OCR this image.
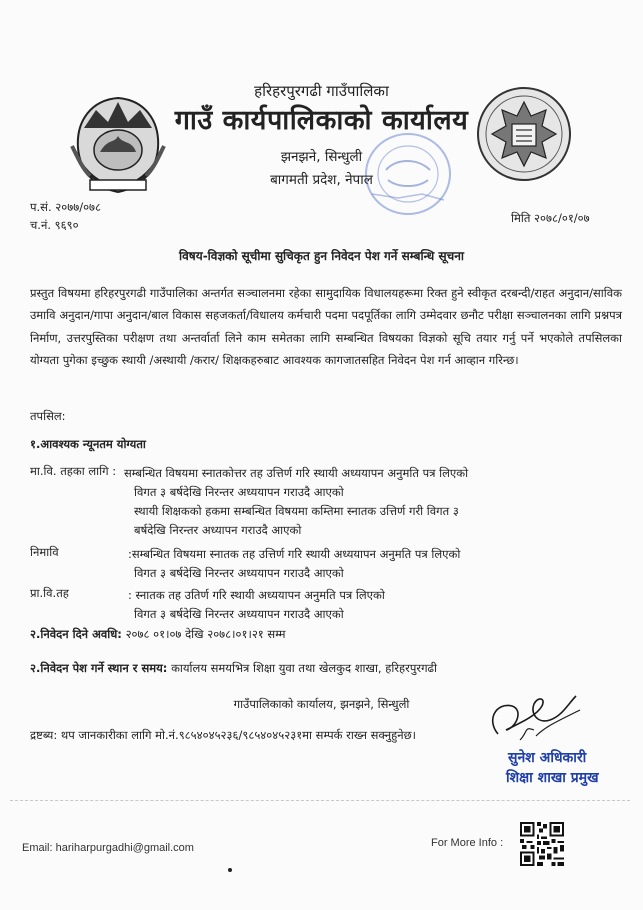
हरिहरपुरगढी गाउँपालिका
गाउँ कार्यपालिकाको कार्यालय
झनझने, सिन्धुली
बागमती प्रदेश, नेपाल
प.सं. २०७७/०७८
च.नं. ९६९०	मिति २०७८/०१/०७
विषय-विज्ञको सूचीमा सुचिकृत हुन निवेदन पेश गर्ने सम्बन्धि सूचना
प्रस्तुत विषयमा हरिहरपुरगढी गाउँपालिका अन्तर्गत सञ्चालनमा रहेका सामुदायिक विधालयहरूमा रिक्त हुने स्वीकृत दरबन्दी/राहत अनुदान/साविक उमावि अनुदान/गापा अनुदान/बाल विकास सहजकर्ता/विधालय कर्मचारी पदमा पदपूर्तिका लागि उम्मेदवार छनौट परीक्षा सञ्चालनका लागि प्रश्नपत्र निर्माण, उत्तरपुस्तिका परीक्षण तथा अन्तर्वार्ता लिने काम समेतका लागि सम्बन्धित विषयका विज्ञको सूचि तयार गर्नु पर्ने भएकोले तपसिलका योग्यता पुगेका इच्छुक स्थायी /अस्थायी /करार/ शिक्षकहरुबाट आवश्यक कागजातसहित निवेदन पेश गर्न आव्हान गरिन्छ।
तपसिल:
१.आवश्यक न्यूनतम योग्यता
मा.वि. तहका लागि : सम्बन्धित विषयमा स्नातकोत्तर तह उत्तिर्ण गरि स्थायी अध्ययापन अनुमति पत्र लिएको
विगत ३ बर्षदेखि निरन्तर अध्ययापन गराउदै आएको
स्थायी शिक्षकको हकमा सम्बन्धित विषयमा कम्तिमा स्नातक उत्तिर्ण गरी विगत ३
बर्षदेखि निरन्तर अध्यापन गराउदै आएको
निमावि	:सम्बन्धित विषयमा स्नातक तह उत्तिर्ण गरि स्थायी अध्ययापन अनुमति पत्र लिएको
विगत ३ बर्षदेखि निरन्तर अध्ययापन गराउदै आएको
प्रा.वि.तह	: स्नातक तह उतिर्ण गरि स्थायी अध्ययापन अनुमति पत्र लिएको
विगत ३ बर्षदेखि निरन्तर अध्ययापन गराउदै आएको
२.निवेदन दिने अवधि: २०७८ ०१।०७ देखि २०७८।०१।२१ सम्म
२.निवेदन पेश गर्ने स्थान र समय: कार्यालय समयभित्र शिक्षा युवा तथा खेलकुद शाखा, हरिहरपुरगढी
गाउँपालिकाको कार्यालय, झनझने, सिन्धुली
द्रष्टब्य: थप जानकारीका लागि मो.नं.९८५४०४५२३६/९८५४०४५२३१मा सम्पर्क राख्न सक्नुहुनेछ।
सुनेश अधिकारी
शिक्षा शाखा प्रमुख
Email: hariharpurgadhi@gmail.com	For More Info :
